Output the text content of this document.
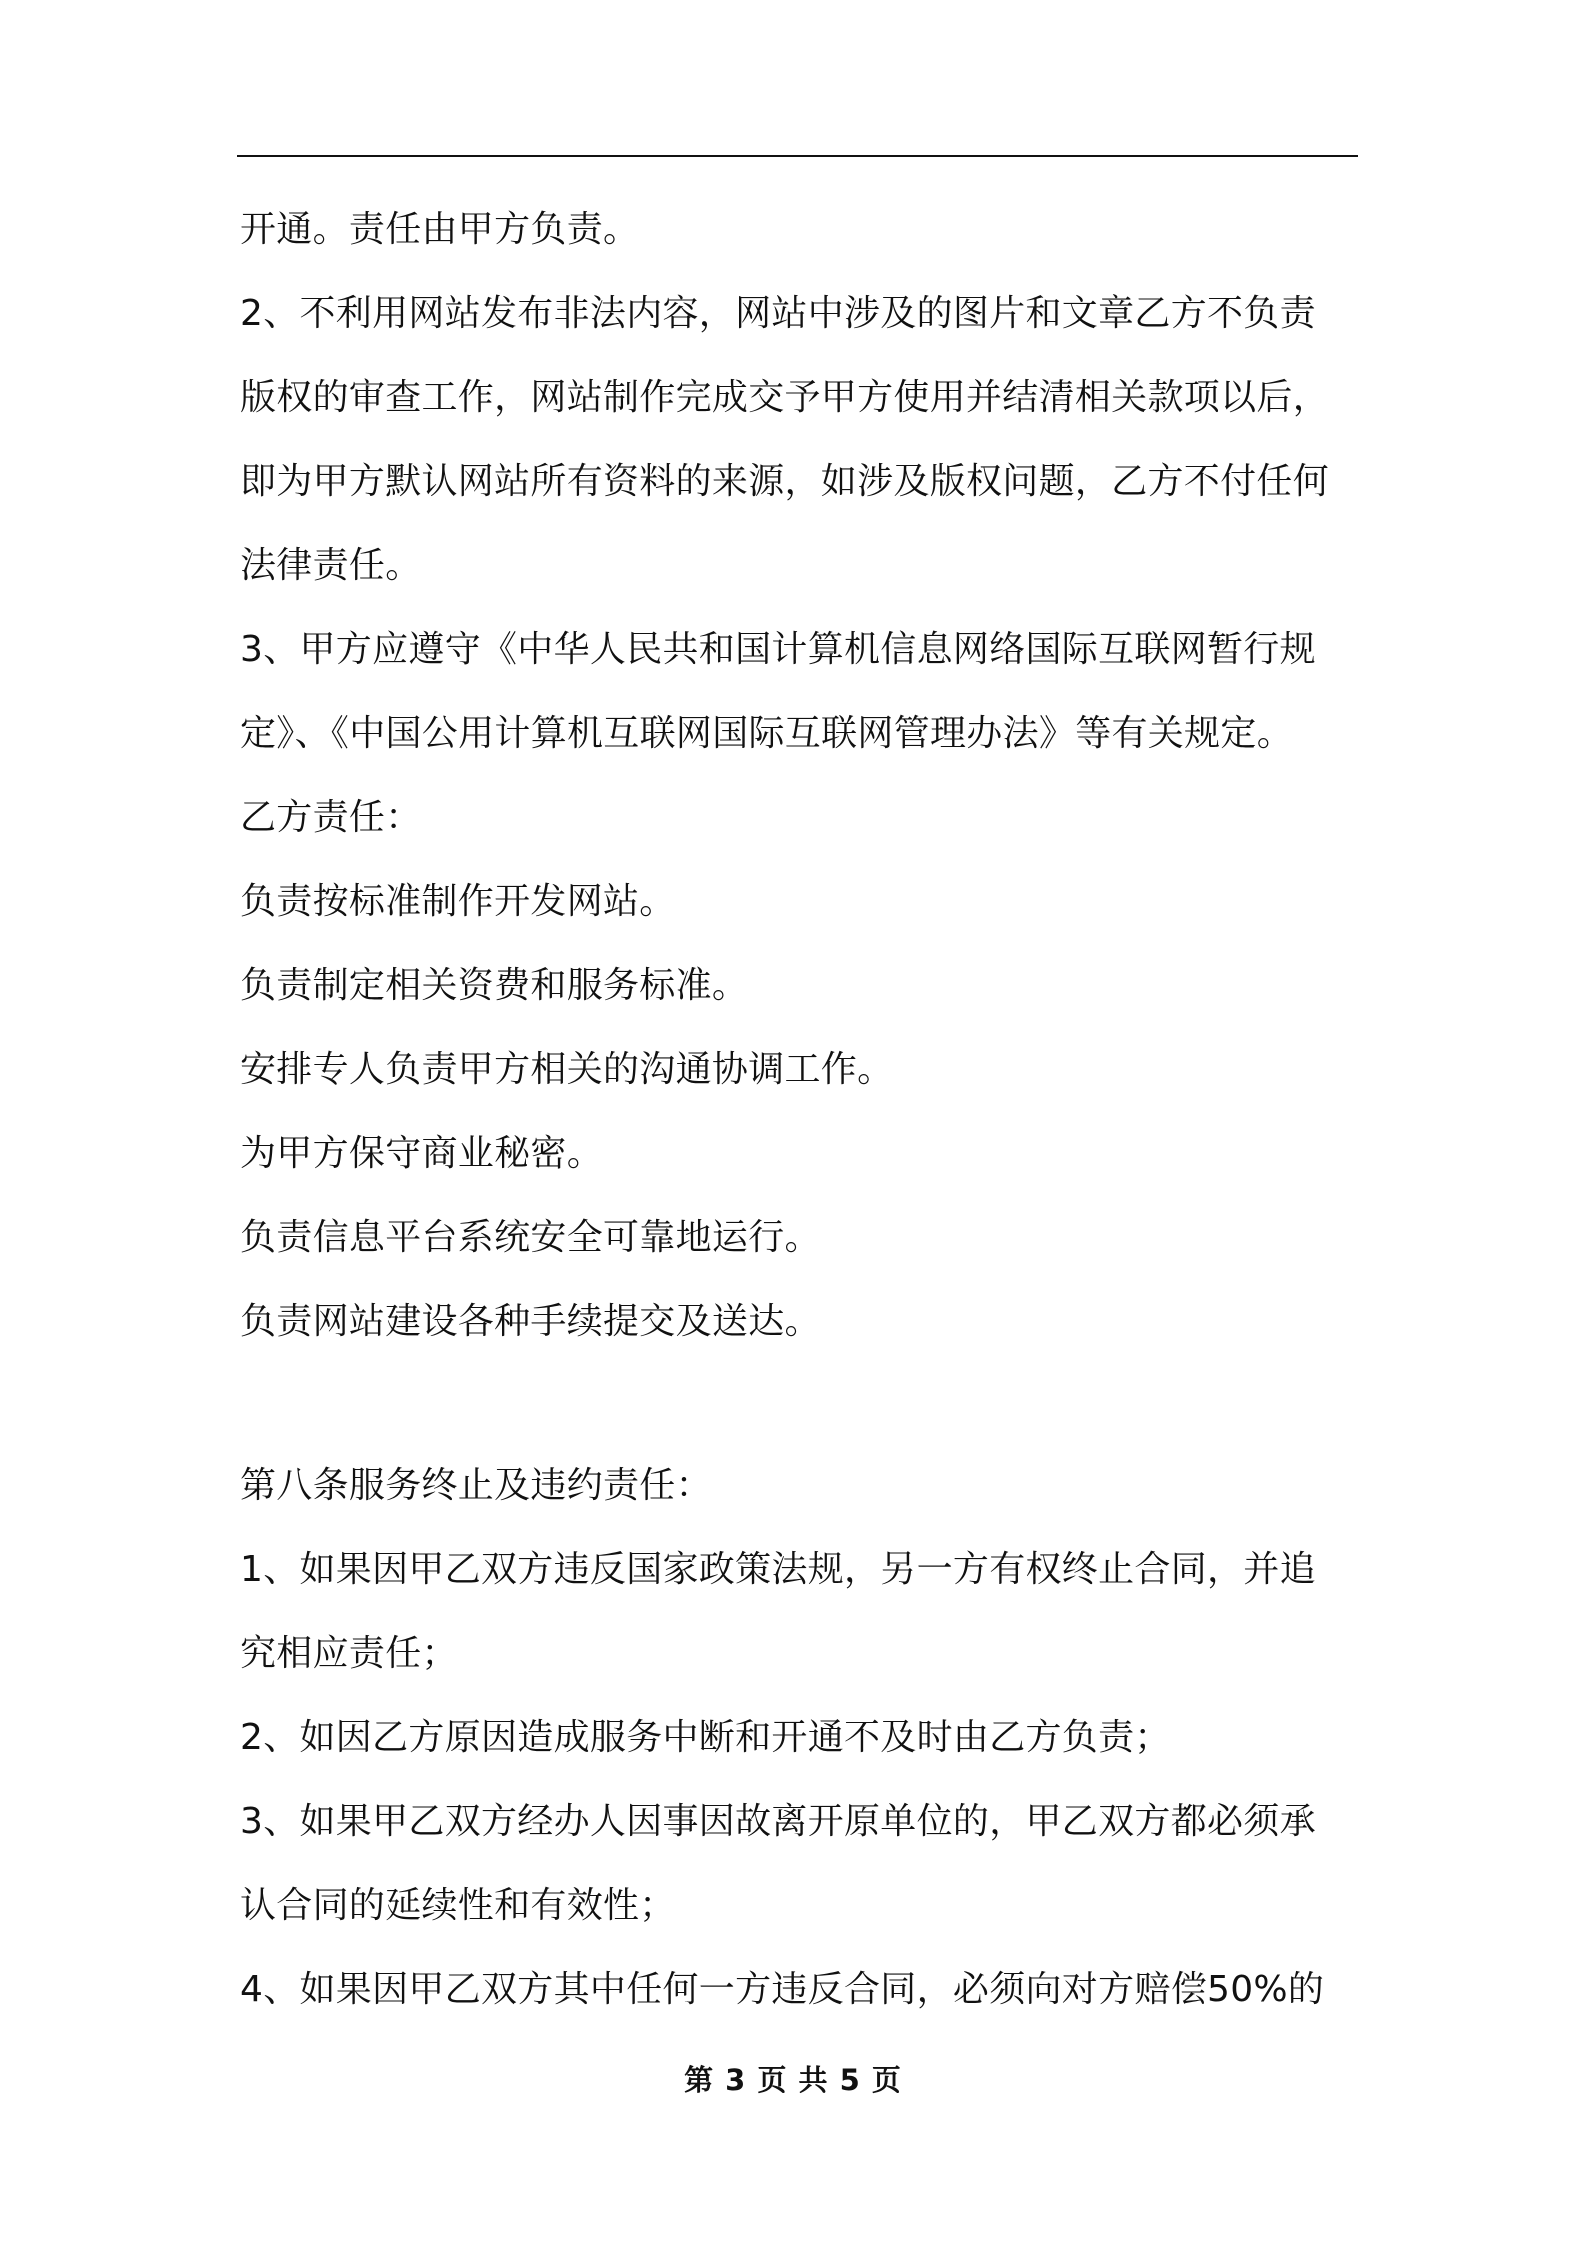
开通。责任由甲方负责。
2、不利用网站发布非法内容，网站中涉及的图片和文章乙方不负责
版权的审查工作，网站制作完成交予甲方使用并结清相关款项以后，
即为甲方默认网站所有资料的来源，如涉及版权问题，乙方不付任何
法律责任。
3、甲方应遵守《中华人民共和国计算机信息网络国际互联网暂行规
定》、《中国公用计算机互联网国际互联网管理办法》等有关规定。
乙方责任：
负责按标准制作开发网站。
负责制定相关资费和服务标准。
安排专人负责甲方相关的沟通协调工作。
为甲方保守商业秘密。
负责信息平台系统安全可靠地运行。
负责网站建设各种手续提交及送达。
第八条服务终止及违约责任：
1、如果因甲乙双方违反国家政策法规，另一方有权终止合同，并追
究相应责任；
2、如因乙方原因造成服务中断和开通不及时由乙方负责；
3、如果甲乙双方经办人因事因故离开原单位的，甲乙双方都必须承
认合同的延续性和有效性；
4、如果因甲乙双方其中任何一方违反合同，必须向对方赔偿50%的
第 3 页 共 5 页
